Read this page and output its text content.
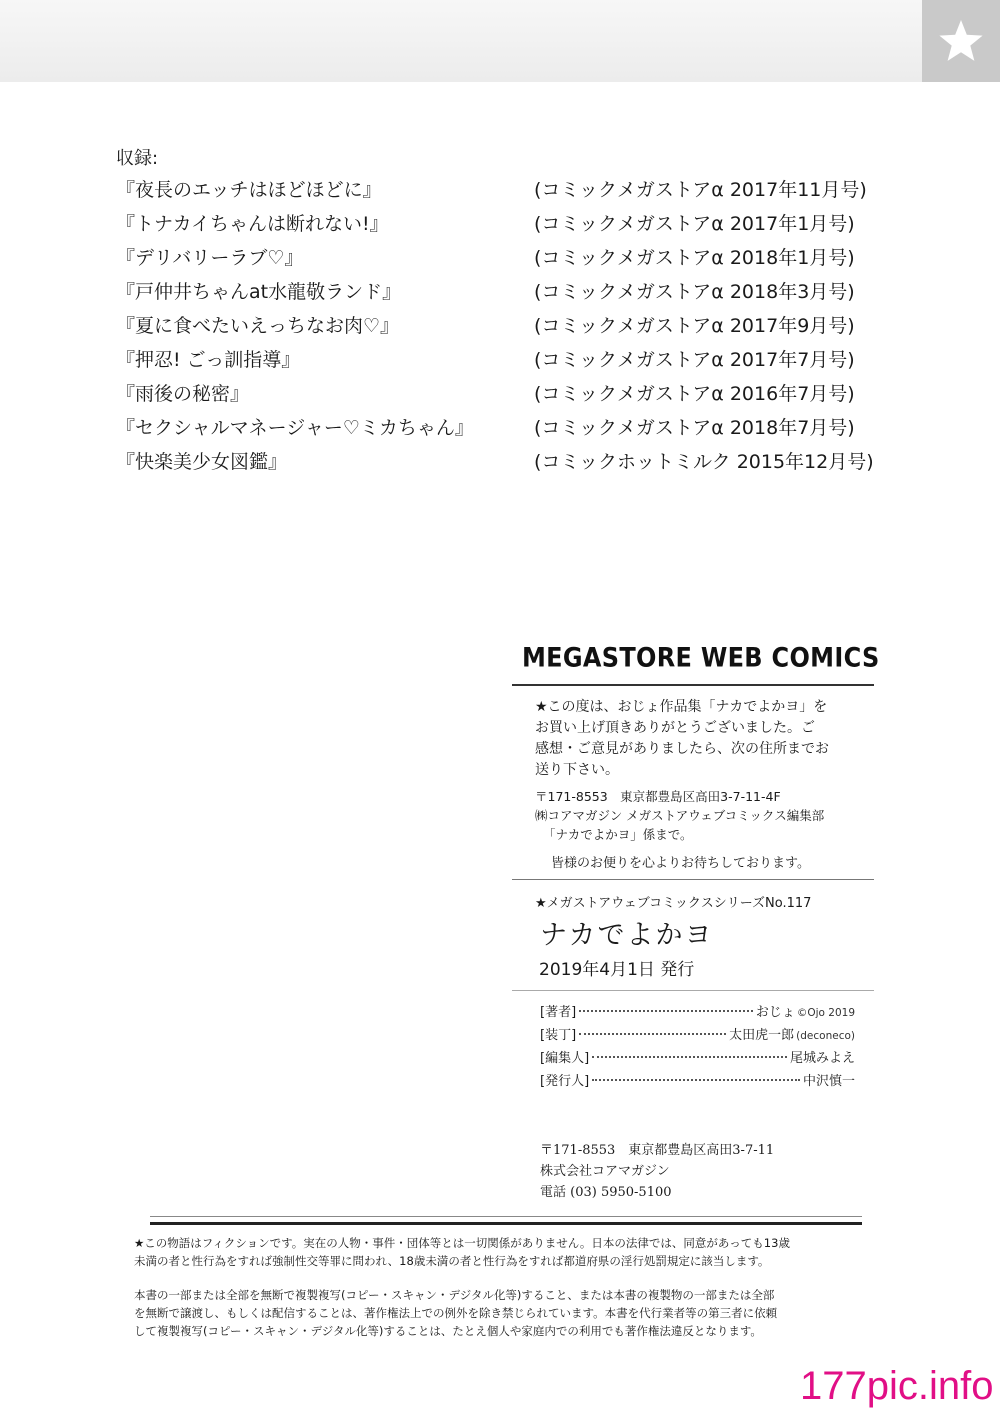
収録:
『夜長のエッチはほどほどに』	(コミックメガストアα 2017年11月号)
『トナカイちゃんは断れない!』	(コミックメガストアα 2017年1月号)
『デリバリーラブ♡』	(コミックメガストアα 2018年1月号)
『戸仲井ちゃんat水龍敬ランド』	(コミックメガストアα 2018年3月号)
『夏に食べたいえっちなお肉♡』	(コミックメガストアα 2017年9月号)
『押忍! ごっ訓指導』	(コミックメガストアα 2017年7月号)
『雨後の秘密』	(コミックメガストアα 2016年7月号)
『セクシャルマネージャー♡ミカちゃん』	(コミックメガストアα 2018年7月号)
『快楽美少女図鑑』	(コミックホットミルク 2015年12月号)
MEGASTORE WEB COMICS

★この度は、おじょ作品集「ナカでよかヨ」を

お買い上げ頂きありがとうございました。ご

感想・ご意見がありましたら、次の住所までお

送り下さい。

〒171-8553　東京都豊島区高田3-7-11-4F

㈱コアマガジン メガストアウェブコミックス編集部

「ナカでよかヨ」係まで。

皆様のお便りを心よりお待ちしております。
★メガストアウェブコミックスシリーズNo.117
ナカでよかヨ
2019年4月1日 発行
[著者]	おじょ ©Ojo 2019
[装丁]	太田虎一郎 (deconeco)
[編集人]	尾城みよえ
[発行人]	中沢慎一

〒171-8553　東京都豊島区高田3-7-11

株式会社コアマガジン

電話 (03) 5950-5100

★この物語はフィクションです。実在の人物・事件・団体等とは一切関係がありません。日本の法律では、同意があっても13歳

未満の者と性行為をすれば強制性交等罪に問われ、18歳未満の者と性行為をすれば都道府県の淫行処罰規定に該当します。

本書の一部または全部を無断で複製複写(コピー・スキャン・デジタル化等)すること、または本書の複製物の一部または全部

を無断で譲渡し、もしくは配信することは、著作権法上での例外を除き禁じられています。本書を代行業者等の第三者に依頼

して複製複写(コピー・スキャン・デジタル化等)することは、たとえ個人や家庭内での利用でも著作権法違反となります。

177pic.info
